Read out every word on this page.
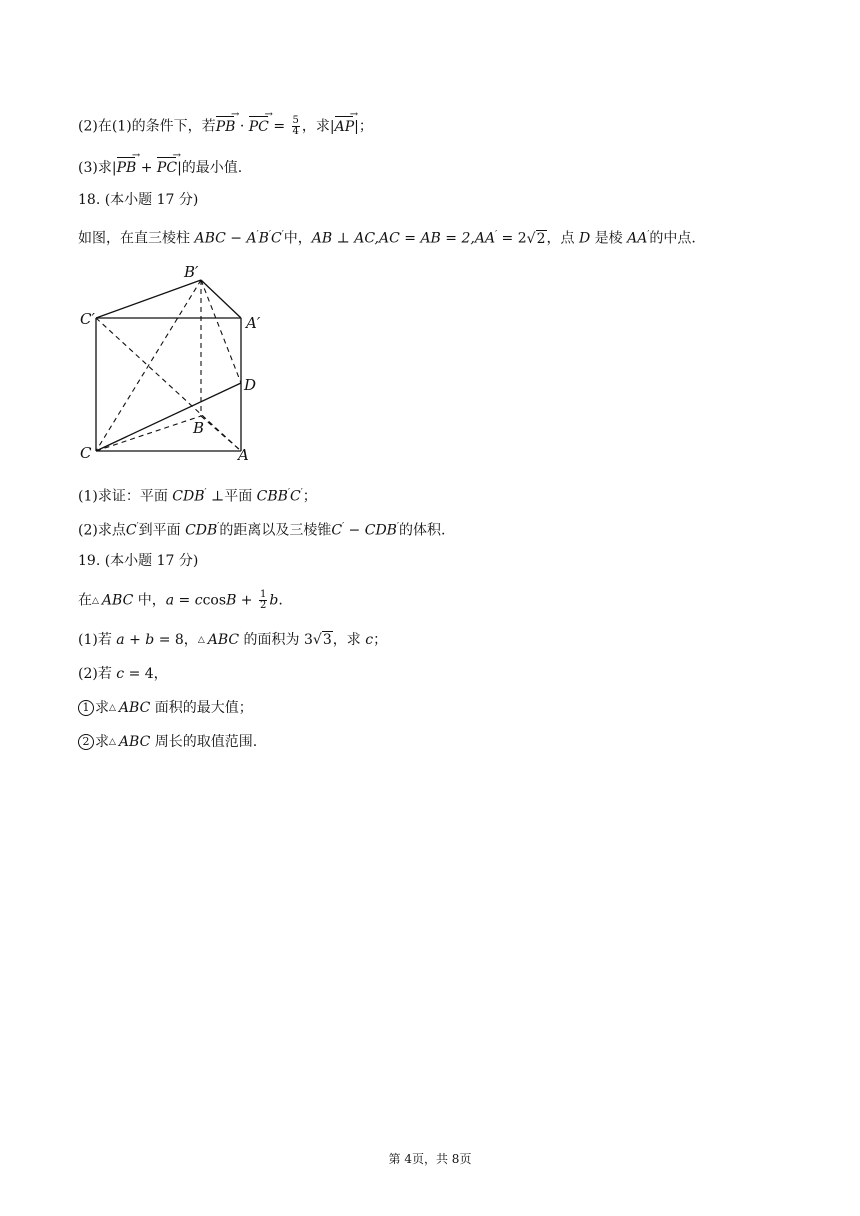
(2)在(1)的条件下，若PB → · PC → = $\frac{5}{4}$ ，求|AP →|；
(3)求|PB → + PC →|的最小值.
18. (本小题 17 分)
如图，在直三棱柱 ABC − A′B′C′中，AB ⊥ AC,AC = AB = 2,AA′ = 2√2，点 D 是棱 AA′的中点.
B′
C′	A′
D
B
C	A
(1)求证：平面 CDB′ ⊥平面 CBB′C′；
(2)求点C′到平面 CDB′的距离以及三棱锥C′ − CDB′的体积.
19. (本小题 17 分)
在△ ABC 中，$a = ccosB + \frac{1}{2} b$.
(1)若 a + b = 8，△ ABC 的面积为 3√3，求 c；
(2)若 c = 4，
1 求△ ABC 面积的最大值；
2 求△ ABC 周长的取值范围.
第 4页，共 8页
